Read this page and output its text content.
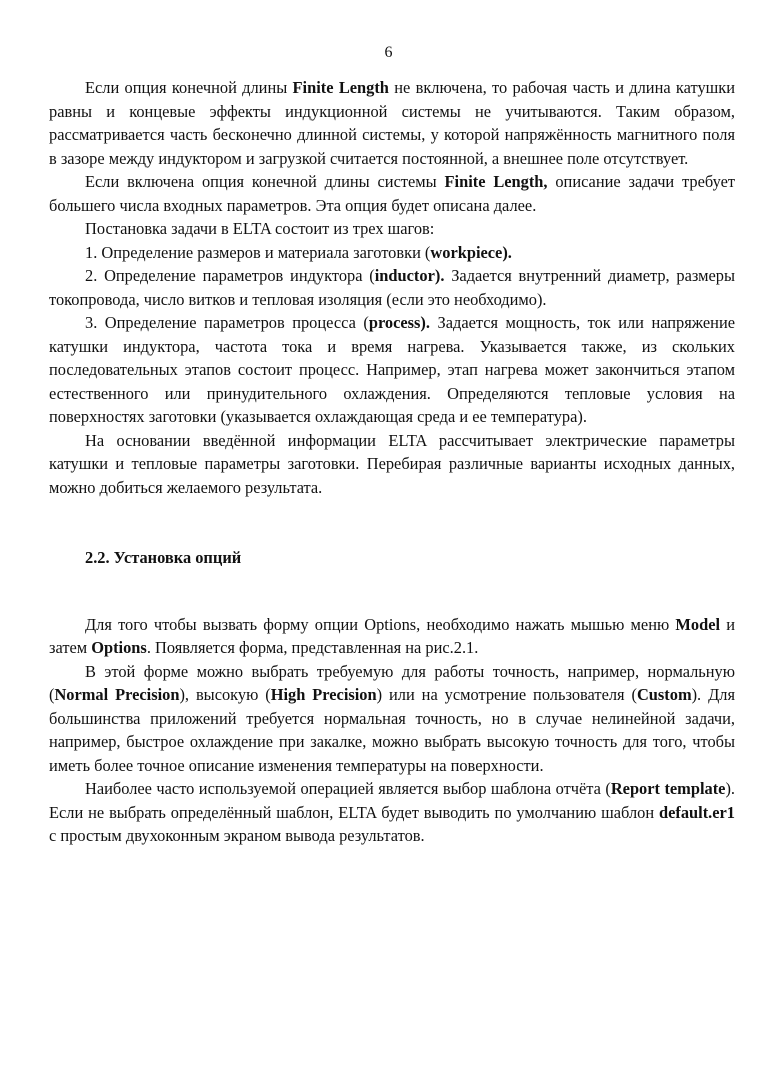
6

Если опция конечной длины Finite Length не включена, то рабочая часть и длина катушки равны и концевые эффекты индукционной системы не учитываются. Таким образом, рассматривается часть бесконечно длинной системы, у которой напряжённость магнитного поля в зазоре между индуктором и загрузкой считается постоянной, а внешнее поле отсутствует.

Если включена опция конечной длины системы Finite Length, описание задачи требует большего числа входных параметров. Эта опция будет описана далее.

Постановка задачи в ELTA состоит из трех шагов:

1. Определение размеров и материала заготовки (workpiece).

2. Определение параметров индуктора (inductor). Задается внутренний диаметр, размеры токопровода, число витков и тепловая изоляция (если это необходимо).

3. Определение параметров процесса (process). Задается мощность, ток или напряжение катушки индуктора, частота тока и время нагрева. Указывается также, из скольких последовательных этапов состоит процесс. Например, этап нагрева может закончиться этапом естественного или принудительного охлаждения. Определяются тепловые условия на поверхностях заготовки (указывается охлаждающая среда и ее температура).

На основании введённой информации ELTA рассчитывает электрические параметры катушки и тепловые параметры заготовки. Перебирая различные варианты исходных данных, можно добиться желаемого результата.

2.2. Установка опций

Для того чтобы вызвать форму опции Options, необходимо нажать мышью меню Model и затем Options. Появляется форма, представленная на рис.2.1.

В этой форме можно выбрать требуемую для работы точность, например, нормальную (Normal Precision), высокую (High Precision) или на усмотрение пользователя (Custom). Для большинства приложений требуется нормальная точность, но в случае нелинейной задачи, например, быстрое охлаждение при закалке, можно выбрать высокую точность для того, чтобы иметь более точное описание изменения температуры на поверхности.

Наиболее часто используемой операцией является выбор шаблона отчёта (Report template). Если не выбрать определённый шаблон, ELTA будет выводить по умолчанию шаблон default.er1 с простым двухоконным экраном вывода результатов.
